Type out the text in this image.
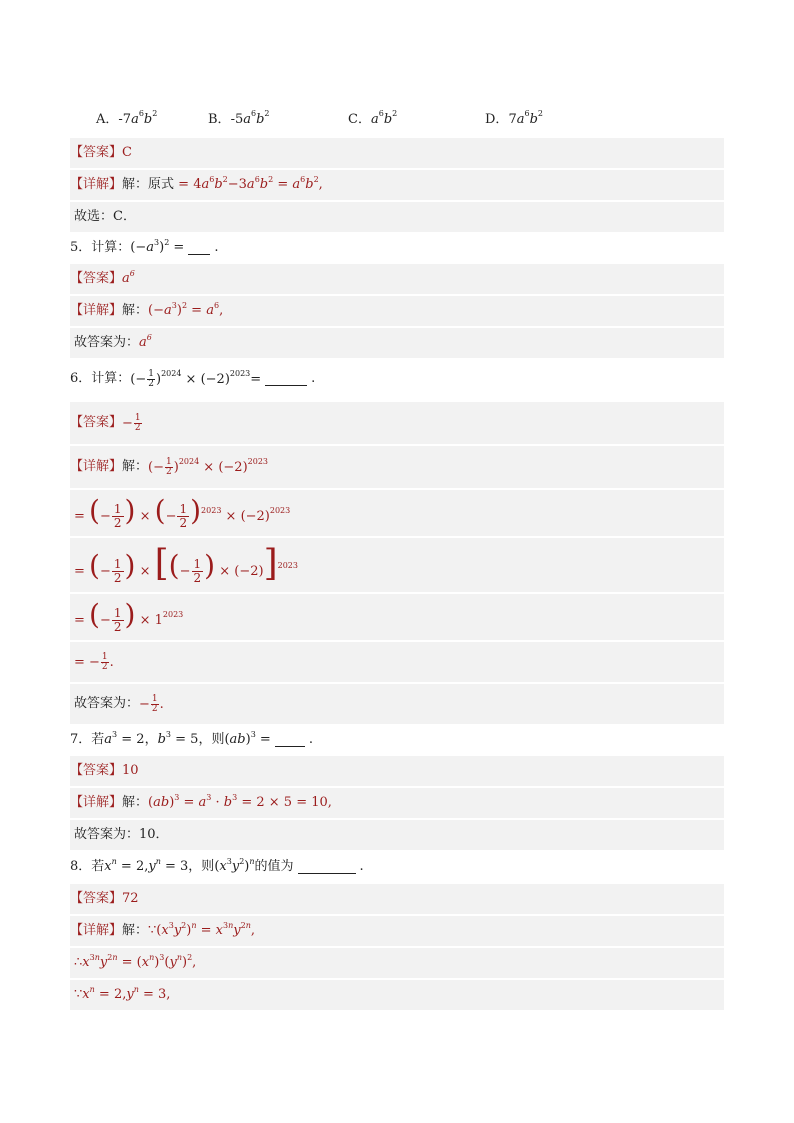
A．$-7a^6b^2$	B．$-5a^6b^2$	C．$a^6b^2$	D．$7a^6b^2$
【答案】 C
【详解】 解：原式 = $4a^6b^2-3a^6b^2 = a^6b^2$,
故选：C．
5．计算： $(-a^3)^2$ = .
【答案】 $a^6$
【详解】 解： $(-a^3)^2 = a^6$,
故答案为： $a^6$
6．计算： (− $\frac{1}{2} )^{2024} \times (-2)^{2023}=$	.
【答案】 − $\frac{1}{2}$
【详解】 解： (− $\frac{1}{2} )^{2024} \times (-2)^{2023}$
= (− $\frac{1}{2}$ ) × (− $\frac{1}{2} )^{2023} \times (-2)^{2023}$
= (− $\frac{1}{2}$ ) × [(− $\frac{1}{2}$ ) × (−2)]$^{2023}$
= (− $\frac{1}{2}$ ) × $1^{2023}$
= − $\frac{1}{2}$ .
故答案为： − $\frac{1}{2}$ .
7．若 $a^3 = 2$，$b^3 = 5$ ，则 (ab)$^3$ =	.
【答案】 10
【详解】 解： $(ab)^3 = a^3 \cdot b^3 = 2 \times 5 = 10$,
故答案为：10．
8．若 $x^n = 2,y^n = 3$ ，则 $(x^3y^2)^n$ 的值为	.
【答案】 72
【详解】 解： $\because(x^3y^2)^n = x^{3n}y^{2n}$,
$\therefore x^{3n}y^{2n} = (x^n)^3(y^n)^2$,
$\because x^n = 2,y^n = 3$,
